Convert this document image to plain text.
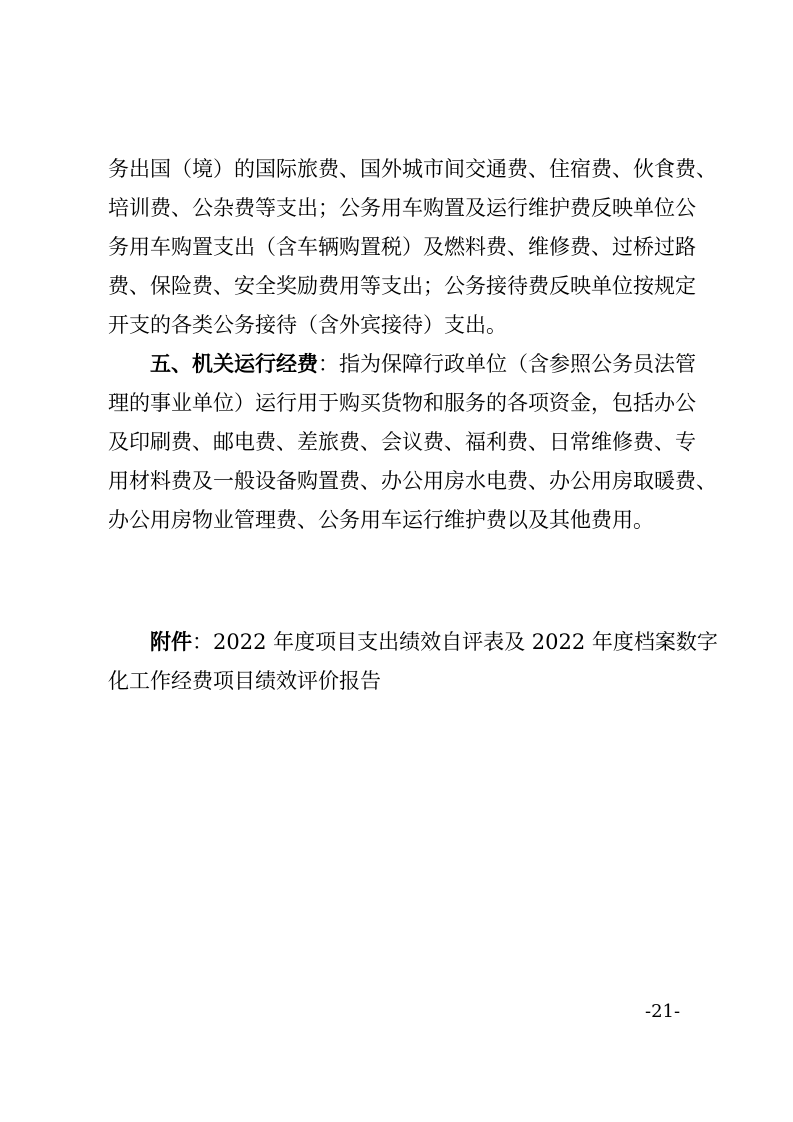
务出国（境）的国际旅费、国外城市间交通费、住宿费、伙食费、
培训费、公杂费等支出；公务用车购置及运行维护费反映单位公
务用车购置支出（含车辆购置税）及燃料费、维修费、过桥过路
费、保险费、安全奖励费用等支出；公务接待费反映单位按规定
开支的各类公务接待（含外宾接待）支出。
五、机关运行经费：指为保障行政单位（含参照公务员法管
理的事业单位）运行用于购买货物和服务的各项资金，包括办公
及印刷费、邮电费、差旅费、会议费、福利费、日常维修费、专
用材料费及一般设备购置费、办公用房水电费、办公用房取暖费、
办公用房物业管理费、公务用车运行维护费以及其他费用。
附件：2022 年度项目支出绩效自评表及 2022 年度档案数字
化工作经费项目绩效评价报告
-21-
